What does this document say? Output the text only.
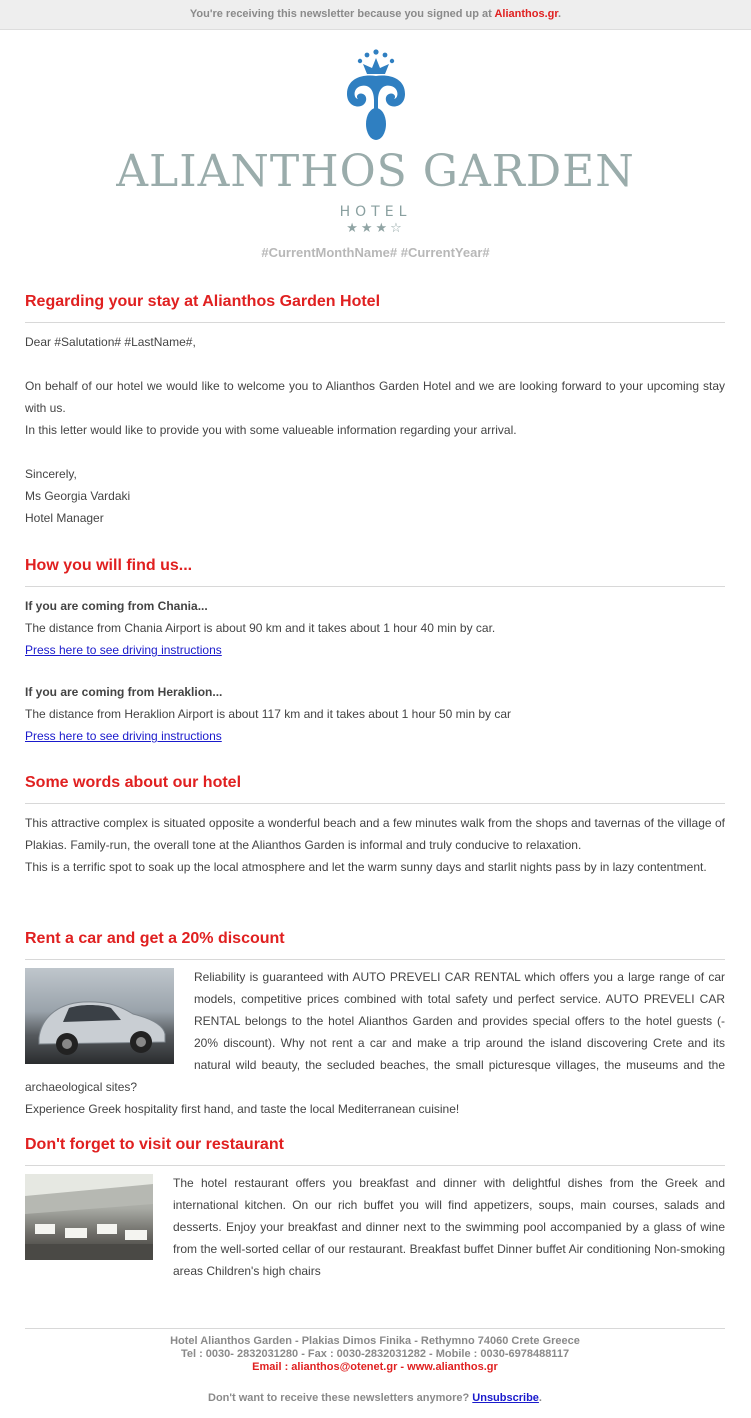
You're receiving this newsletter because you signed up at Alianthos.gr.
ALIANTHOS GARDEN
HOTEL
★★★☆
#CurrentMonthName# #CurrentYear#
Regarding your stay at Alianthos Garden Hotel

Dear #Salutation# #LastName#,

On behalf of our hotel we would like to welcome you to Alianthos Garden Hotel and we are looking forward to your upcoming stay with us.

In this letter would like to provide you with some valueable information regarding your arrival.

Sincerely,

Ms Georgia Vardaki

Hotel Manager

How you will find us...

If you are coming from Chania...

The distance from Chania Airport is about 90 km and it takes about 1 hour 40 min by car.

Press here to see driving instructions

If you are coming from Heraklion...

The distance from Heraklion Airport is about 117 km and it takes about 1 hour 50 min by car

Press here to see driving instructions
Some words about our hotel

This attractive complex is situated opposite a wonderful beach and a few minutes walk from the shops and tavernas of the village of Plakias. Family-run, the overall tone at the Alianthos Garden is informal and truly conducive to relaxation.

This is a terrific spot to soak up the local atmosphere and let the warm sunny days and starlit nights pass by in lazy contentment.

Rent a car and get a 20% discount

Reliability is guaranteed with AUTO PREVELI CAR RENTAL which offers you a large range of car models, competitive prices combined with total safety und perfect service. AUTO PREVELI CAR RENTAL belongs to the hotel Alianthos Garden and provides special offers to the hotel guests (- 20% discount). Why not rent a car and make a trip around the island discovering Crete and its natural wild beauty, the secluded beaches, the small picturesque villages, the museums and the archaeological sites?

Experience Greek hospitality first hand, and taste the local Mediterranean cuisine!

Don't forget to visit our restaurant

The hotel restaurant offers you breakfast and dinner with delightful dishes from the Greek and international kitchen. On our rich buffet you will find appetizers, soups, main courses, salads and desserts. Enjoy your breakfast and dinner next to the swimming pool accompanied by a glass of wine from the well-sorted cellar of our restaurant. Breakfast buffet Dinner buffet Air conditioning Non-smoking areas Children's high chairs

Hotel Alianthos Garden - Plakias Dimos Finika - Rethymno 74060 Crete Greece
Tel : 0030- 2832031280 - Fax : 0030-2832031282 - Mobile : 0030-6978488117
Email : alianthos@otenet.gr - www.alianthos.gr
Don't want to receive these newsletters anymore? Unsubscribe.
